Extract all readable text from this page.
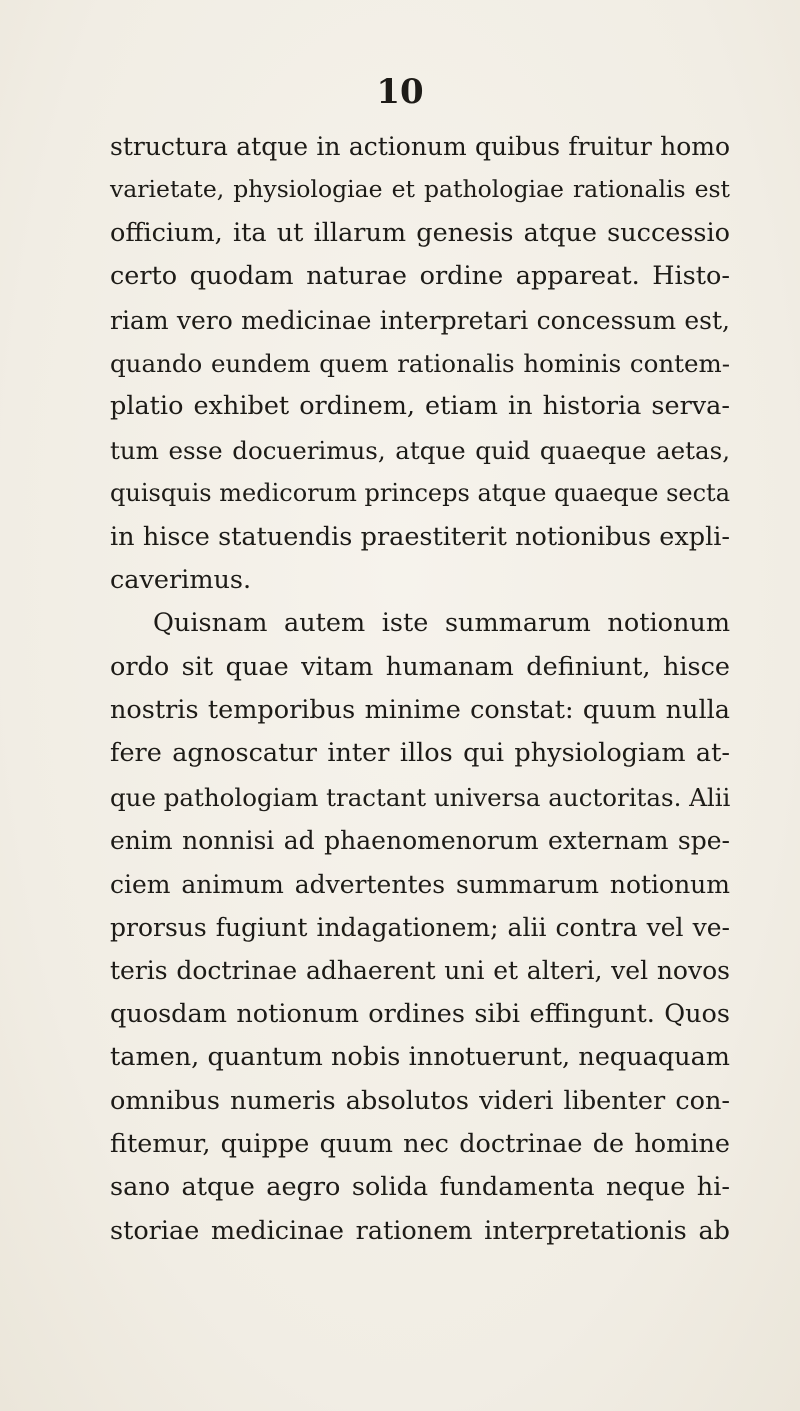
10
structura atque in actionum quibus fruitur homo
varietate, physiologiae et pathologiae rationalis est
officium, ita ut illarum genesis atque successio
certo quodam naturae ordine appareat. Histo-
riam vero medicinae interpretari concessum est,
quando eundem quem rationalis hominis contem-
platio exhibet ordinem, etiam in historia serva-
tum esse docuerimus, atque quid quaeque aetas,
quisquis medicorum princeps atque quaeque secta
in hisce statuendis praestiterit notionibus expli-
caverimus.
Quisnam autem iste summarum notionum
ordo sit quae vitam humanam definiunt, hisce
nostris temporibus minime constat: quum nulla
fere agnoscatur inter illos qui physiologiam at-
que pathologiam tractant universa auctoritas. Alii
enim nonnisi ad phaenomenorum externam spe-
ciem animum advertentes summarum notionum
prorsus fugiunt indagationem; alii contra vel ve-
teris doctrinae adhaerent uni et alteri, vel novos
quosdam notionum ordines sibi effingunt. Quos
tamen, quantum nobis innotuerunt, nequaquam
omnibus numeris absolutos videri libenter con-
fitemur, quippe quum nec doctrinae de homine
sano atque aegro solida fundamenta neque hi-
storiae medicinae rationem interpretationis ab
